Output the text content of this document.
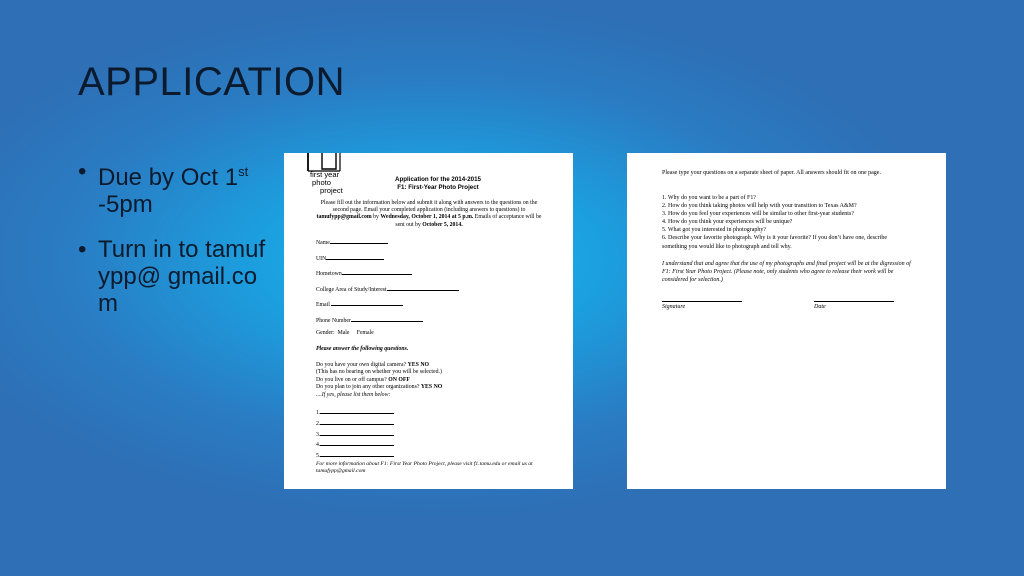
APPLICATION
• Due by Oct 1st -5pm
• Turn in to tamufypp@ gmail.com
first year
photo
project
Application for the 2014-2015
F1: First-Year Photo Project
Please fill out the information below and submit it along with answers to the questions on the second page. Email your completed application (including answers to questions) to tamufypp@gmail.com by Wednesday, October 1, 2014 at 5 p.m. Emails of acceptance will be sent out by October 5, 2014.
Name
UIN
Hometown
College Area of Study/Interest
Email
Phone Number
Gender:  Male     Female
Please answer the following questions.
Do you have your own digital camera? YES NO
(This has no bearing on whether you will be selected.)
Do you live on or off campus? ON OFF
Do you plan to join any other organizations? YES NO
....If yes, please list them below:
1.
2.
3.
4.
5.
For more information about F1: First Year Photo Project, please visit f1.tamu.edu or email us at tamufypp@gmail.com
Please type your questions on a separate sheet of paper. All answers should fit on one page.
1. Why do you want to be a part of F1?
2. How do you think taking photos will help with your transition to Texas A&M?
3. How do you feel your experiences will be similar to other first-year students?
4. How do you think your experiences will be unique?
5. What got you interested in photography?
6. Describe your favorite photograph. Why is it your favorite? If you don’t have one, describe something you would like to photograph and tell why.
I understand that and agree that the use of my photographs and final project will be at the digression of F1: First Year Photo Project. (Please note, only students who agree to release their work will be considered for selection.)
Signature	Date
